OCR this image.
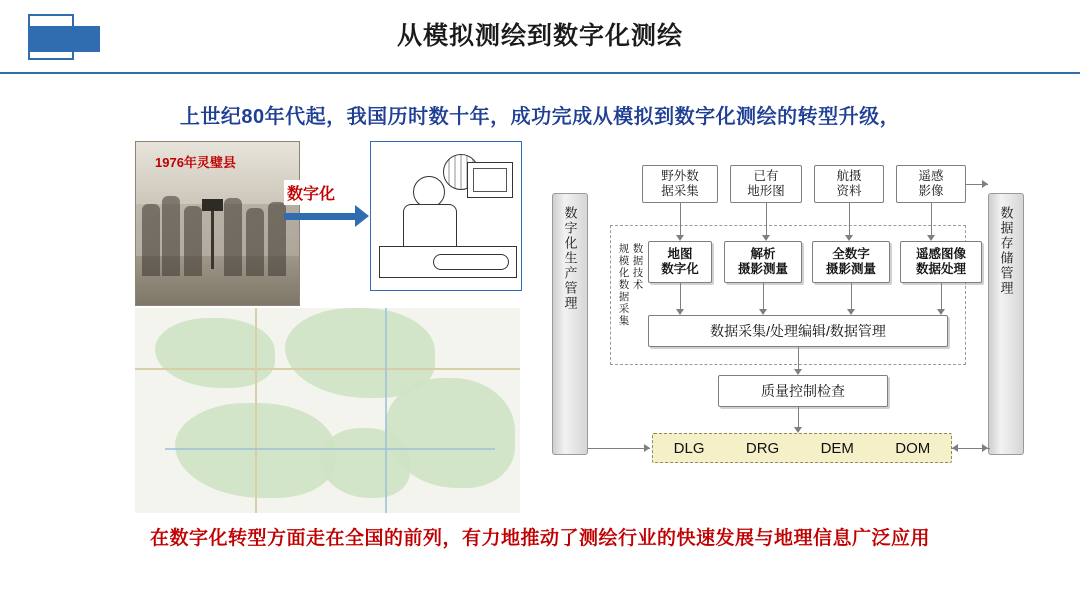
从模拟测绘到数字化测绘
上世纪80年代起，我国历时数十年，成功完成从模拟到数字化测绘的转型升级，
1976年灵璧县
数字化
数字化生产管理	数据存储管理
野外数
据采集
已有
地形图
航摄
资料
遥感
影像
规
模
化
数
据
采
集
数
据
技
术
地图
数字化
解析
摄影测量
全数字
摄影测量
遥感图像
数据处理
数据采集/处理编辑/数据管理
质量控制检查
DLG	DRG	DEM	DOM
在数字化转型方面走在全国的前列，有力地推动了测绘行业的快速发展与地理信息广泛应用
